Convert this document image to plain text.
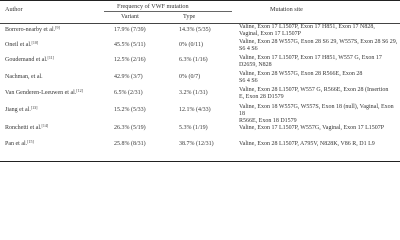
Author	Frequency of VWF mutation
Variant	Type
Mutation site
Borrero-nearby et al.[9]	17.9% (7/39)	14.3% (5/35)	Valine, Exon 17 L1507P, Exon 17 H851, Exon 17 N828,
Vaginal, Exon 17 L1507P
Oneil et al.[10]	45.5% (5/11)	0% (0/11)	Valine, Exon 28 W557G, Exon 28 S6 29, W557S, Exon 28 S6 29,
S6 4 S6
Goudemand et al.[11]	12.5% (2/16)	6.3% (1/16)	Valine, Exon 17 L1507P, Exon 17 H851, W557 G, Exon 17
D2659, N828
Nachman, et al.	42.9% (3/7)	0% (0/7)	Valine, Exon 28 W557G, Exon 28 R566E, Exon 28
S6 4 S6
Van Genderen-Leeuwen et al.[12]	6.5% (2/31)	3.2% (1/31)	Valine, Exon 28 L1507P, W557 G, R566E, Exon 28 (Insertion
E, Exon 28 D1579
Jiang et al.[13]	15.2% (5/33)	12.1% (4/33)	Valine, Exon 18 W557G, W557S, Exon 18 (null), Vaginal, Exon 18
R566E, Exon 18 D1579
Ronchetti et al.[14]	26.3% (5/19)	5.3% (1/19)	Valine, Exon 17 L1507P, W557G, Vaginal, Exon 17 L1507P
Pan et al.[15]	25.8% (8/31)	38.7% (12/31)	Valine, Exon 28 L1507P, A795V, N828K, V86 R, D1 L9
